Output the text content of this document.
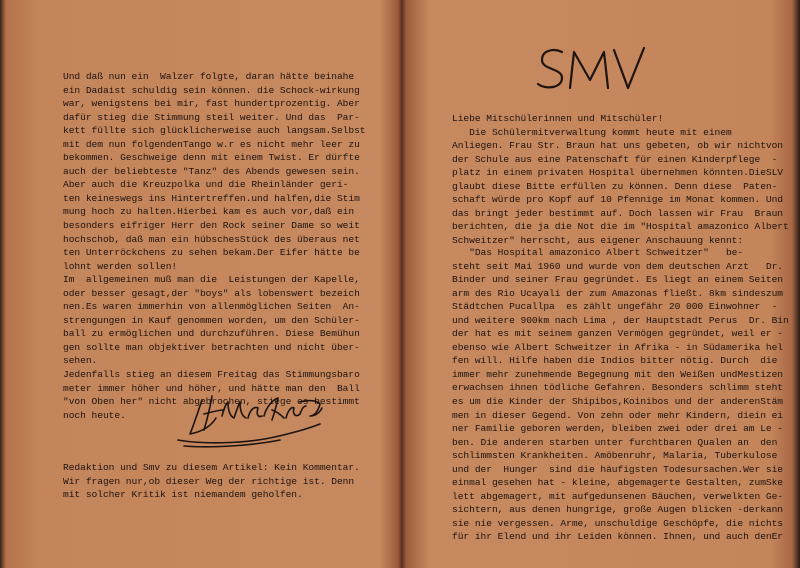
Und daß nun ein  Walzer folgte, daran hätte beinahe
ein Dadaist schuldig sein können. die Schock-wirkung
war, wenigstens bei mir, fast hundertprozentig. Aber
dafür stieg die Stimmung steil weiter. Und das  Par-
kett füllte sich glücklicherweise auch langsam.Selbst
mit dem nun folgendenTango w.r es nicht mehr leer zu
bekommen. Geschweige denn mit einem Twist. Er dürfte
auch der beliebteste "Tanz" des Abends gewesen sein.
Aber auch die Kreuzpolka und die Rheinländer geri-
ten keineswegs ins Hintertreffen.und halfen,die Stim
mung hoch zu halten.Hierbei kam es auch vor,daß ein
besonders eifriger Herr den Rock seiner Dame so weit
hochschob, daß man ein hübschesStück des überaus net
ten Unterröckchens zu sehen bekam.Der Eifer hätte be
lohnt werden sollen!
Im  allgemeinen muß man die  Leistungen der Kapelle,
oder besser gesagt,der "boys" als lobenswert bezeich
nen.Es waren immerhin von allenmöglichen Seiten  An-
strengungen in Kauf genommen worden, um den Schüler-
ball zu ermöglichen und durchzuführen. Diese Bemühun
gen sollte man objektiver betrachten und nicht über-
sehen.
Jedenfalls stieg an diesem Freitag das Stimmungsbaro
meter immer höher und höher, und hätte man den  Ball
"von Oben her" nicht abgebrochen, stiege es bestimmt
noch heute.
Redaktion und Smv zu diesem Artikel: Kein Kommentar.
Wir fragen nur,ob dieser Weg der richtige ist. Denn
mit solcher Kritik ist niemandem geholfen.
Liebe Mitschülerinnen und Mitschüler!
Die Schülermitverwaltung kommt heute mit einem
Anliegen. Frau Str. Braun hat uns gebeten, ob wir nichtvon
der Schule aus eine Patenschaft für einen Kinderpflege  -
platz in einem privaten Hospital übernehmen könnten.DieSLV
glaubt diese Bitte erfüllen zu können. Denn diese  Paten-
schaft würde pro Kopf auf 10 Pfennige im Monat kommen. Und
das bringt jeder bestimmt auf. Doch lassen wir Frau  Braun
berichten, die ja die Not die im "Hospital amazonico Albert
Schweitzer" herrscht, aus eigener Anschauung kennt:
"Das Hospital amazonico Albert Schweitzer"   be-
steht seit Mai 1960 und wurde von dem deutschen Arzt   Dr.
Binder und seiner Frau gegründet. Es liegt an einem Seiten
arm des Rio Ucayali der zum Amazonas fließt. 8km sindeszum
Städtchen Pucallpa  es zählt ungefähr 20 000 Einwohner  -
und weitere 900km nach Lima , der Hauptstadt Perus  Dr. Bin
der hat es mit seinem ganzen Vermögen gegründet, weil er -
ebenso wie Albert Schweitzer in Afrika - in Südamerika hel
fen will. Hilfe haben die Indios bitter nötig. Durch  die
immer mehr zunehmende Begegnung mit den Weißen undMestizen
erwachsen ihnen tödliche Gefahren. Besonders schlimm steht
es um die Kinder der Shipibos,Koinibos und der anderenStäm
men in dieser Gegend. Von zehn oder mehr Kindern, diein ei
ner Familie geboren werden, bleiben zwei oder drei am Le -
ben. Die anderen starben unter furchtbaren Qualen an  den
schlimmsten Krankheiten. Amöbenruhr, Malaria, Tuberkulose
und der  Hunger  sind die häufigsten Todesursachen.Wer sie
einmal gesehen hat - kleine, abgemagerte Gestalten, zumSke
lett abgemagert, mit aufgedunsenen Bäuchen, verwelkten Ge-
sichtern, aus denen hungrige, große Augen blicken -derkann
sie nie vergessen. Arme, unschuldige Geschöpfe, die nichts
für ihr Elend und ihr Leiden können. Ihnen, und auch denEr
